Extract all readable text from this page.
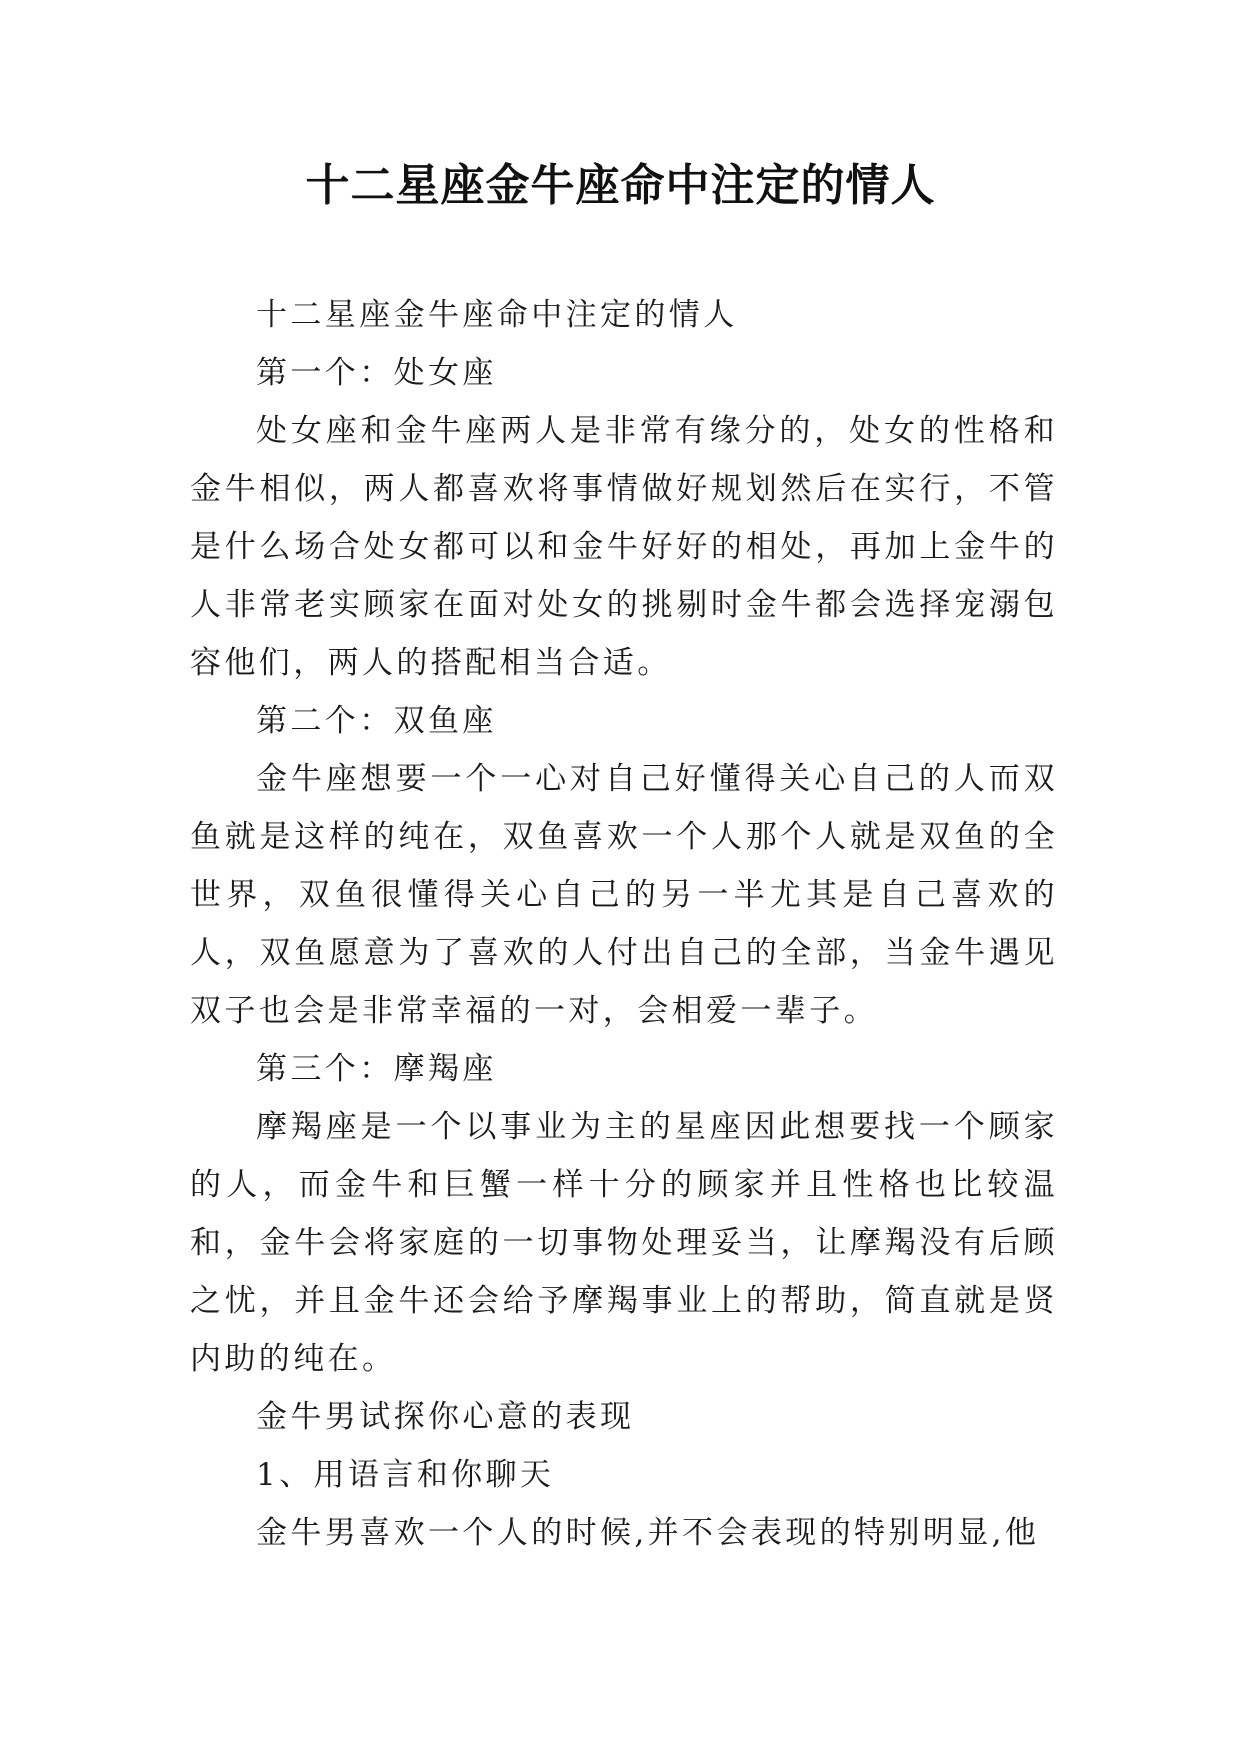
十二星座金牛座命中注定的情人

十二星座金牛座命中注定的情人

第一个：处女座

处女座和金牛座两人是非常有缘分的，处女的性格和金牛相似，两人都喜欢将事情做好规划然后在实行，不管是什么场合处女都可以和金牛好好的相处，再加上金牛的人非常老实顾家在面对处女的挑剔时金牛都会选择宠溺包容他们，两人的搭配相当合适。

第二个：双鱼座

金牛座想要一个一心对自己好懂得关心自己的人而双鱼就是这样的纯在，双鱼喜欢一个人那个人就是双鱼的全世界，双鱼很懂得关心自己的另一半尤其是自己喜欢的人，双鱼愿意为了喜欢的人付出自己的全部，当金牛遇见双子也会是非常幸福的一对，会相爱一辈子。

第三个：摩羯座

摩羯座是一个以事业为主的星座因此想要找一个顾家的人，而金牛和巨蟹一样十分的顾家并且性格也比较温和，金牛会将家庭的一切事物处理妥当，让摩羯没有后顾之忧，并且金牛还会给予摩羯事业上的帮助，简直就是贤内助的纯在。

金牛男试探你心意的表现

1、用语言和你聊天

金牛男喜欢一个人的时候,并不会表现的特别明显,他
